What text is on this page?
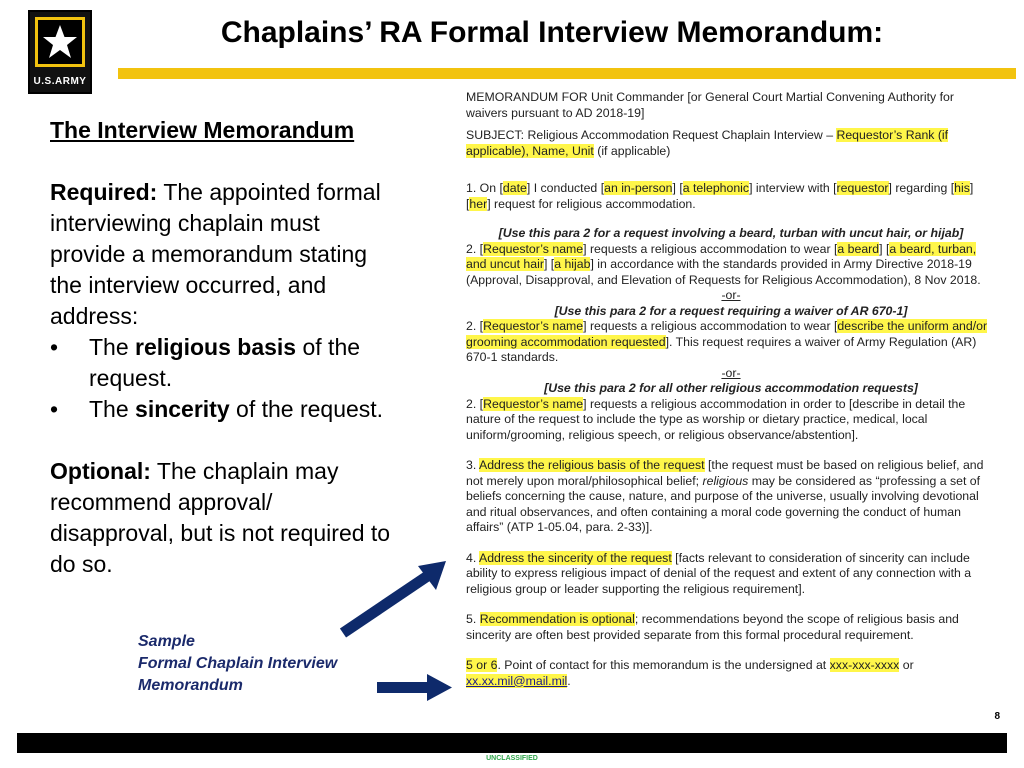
U.S.ARMY
Chaplains’ RA Formal Interview Memorandum:
The Interview Memorandum

Required: The appointed formal interviewing chaplain must provide a memorandum stating the interview occurred, and address:

• The religious basis of the request.
• The sincerity of the request.

Optional: The chaplain may recommend approval/ disapproval, but is not required to do so.

Sample
Formal Chaplain Interview
Memorandum

MEMORANDUM FOR Unit Commander [or General Court Martial Convening Authority for waivers pursuant to AD 2018-19]

SUBJECT: Religious Accommodation Request Chaplain Interview – Requestor’s Rank (if applicable), Name, Unit (if applicable)

1. On [date] I conducted [an in-person] [a telephonic] interview with [requestor] regarding [his] [her] request for religious accommodation.

[Use this para 2 for a request involving a beard, turban with uncut hair, or hijab]

2. [Requestor’s name] requests a religious accommodation to wear [a beard] [a beard, turban, and uncut hair] [a hijab] in accordance with the standards provided in Army Directive 2018-19 (Approval, Disapproval, and Elevation of Requests for Religious Accommodation), 8 Nov 2018.

-or-

[Use this para 2 for a request requiring a waiver of AR 670-1]

2. [Requestor’s name] requests a religious accommodation to wear [describe the uniform and/or grooming accommodation requested]. This request requires a waiver of Army Regulation (AR) 670-1 standards.

-or-

[Use this para 2 for all other religious accommodation requests]

2. [Requestor’s name] requests a religious accommodation in order to [describe in detail the nature of the request to include the type as worship or dietary practice, medical, local uniform/grooming, religious speech, or religious observance/abstention].

3. Address the religious basis of the request [the request must be based on religious belief, and not merely upon moral/philosophical belief; religious may be considered as “professing a set of beliefs concerning the cause, nature, and purpose of the universe, usually involving devotional and ritual observances, and often containing a moral code governing the conduct of human affairs” (ATP 1-05.04, para. 2-33)].

4. Address the sincerity of the request [facts relevant to consideration of sincerity can include ability to express religious impact of denial of the request and extent of any connection with a religious group or leader supporting the religious requirement].

5. Recommendation is optional; recommendations beyond the scope of religious basis and sincerity are often best provided separate from this formal procedural requirement.

5 or 6. Point of contact for this memorandum is the undersigned at xxx-xxx-xxxx or xx.xx.mil@mail.mil.

8
UNCLASSIFIED
